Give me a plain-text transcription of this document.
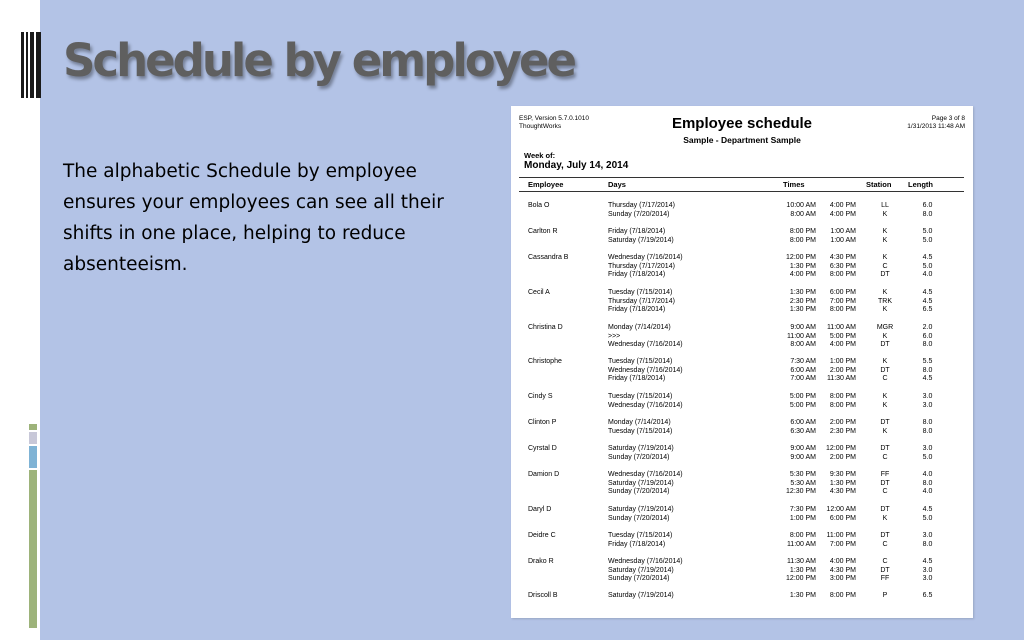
Schedule by employee

The alphabetic Schedule by employee ensures your employees can see all their shifts in one place, helping to reduce absenteeism.

ESP, Version 5.7.0.1010
ThoughtWorks
Page 3 of 8
1/31/2013 11:48 AM
Employee schedule
Sample - Department Sample
Week of:
Monday, July 14, 2014
Employee	Days	Times	Station Length
Bola O	Thursday (7/17/2014)	10:00 AM	4:00 PM	LL	6.0
Sunday (7/20/2014)	8:00 AM	4:00 PM	K	8.0
Carlton R	Friday (7/18/2014)	8:00 PM	1:00 AM	K	5.0
Saturday (7/19/2014)	8:00 PM	1:00 AM	K	5.0
Cassandra B	Wednesday (7/16/2014)	12:00 PM	4:30 PM	K	4.5
Thursday (7/17/2014)	1:30 PM	6:30 PM	C	5.0
Friday (7/18/2014)	4:00 PM	8:00 PM	DT	4.0
Cecil A	Tuesday (7/15/2014)	1:30 PM	6:00 PM	K	4.5
Thursday (7/17/2014)	2:30 PM	7:00 PM	TRK	4.5
Friday (7/18/2014)	1:30 PM	8:00 PM	K	6.5
Christina D	Monday (7/14/2014)	9:00 AM	11:00 AM	MGR	2.0
>>>	11:00 AM	5:00 PM	K	6.0
Wednesday (7/16/2014)	8:00 AM	4:00 PM	DT	8.0
Christophe	Tuesday (7/15/2014)	7:30 AM	1:00 PM	K	5.5
Wednesday (7/16/2014)	6:00 AM	2:00 PM	DT	8.0
Friday (7/18/2014)	7:00 AM	11:30 AM	C	4.5
Cindy S	Tuesday (7/15/2014)	5:00 PM	8:00 PM	K	3.0
Wednesday (7/16/2014)	5:00 PM	8:00 PM	K	3.0
Clinton P	Monday (7/14/2014)	6:00 AM	2:00 PM	DT	8.0
Tuesday (7/15/2014)	6:30 AM	2:30 PM	K	8.0
Cyrstal D	Saturday (7/19/2014)	9:00 AM	12:00 PM	DT	3.0
Sunday (7/20/2014)	9:00 AM	2:00 PM	C	5.0
Damion D	Wednesday (7/16/2014)	5:30 PM	9:30 PM	FF	4.0
Saturday (7/19/2014)	5:30 AM	1:30 PM	DT	8.0
Sunday (7/20/2014)	12:30 PM	4:30 PM	C	4.0
Daryl D	Saturday (7/19/2014)	7:30 PM	12:00 AM	DT	4.5
Sunday (7/20/2014)	1:00 PM	6:00 PM	K	5.0
Deidre C	Tuesday (7/15/2014)	8:00 PM	11:00 PM	DT	3.0
Friday (7/18/2014)	11:00 AM	7:00 PM	C	8.0
Drako R	Wednesday (7/16/2014)	11:30 AM	4:00 PM	C	4.5
Saturday (7/19/2014)	1:30 PM	4:30 PM	DT	3.0
Sunday (7/20/2014)	12:00 PM	3:00 PM	FF	3.0
Driscoll B	Saturday (7/19/2014)	1:30 PM	8:00 PM	P	6.5
